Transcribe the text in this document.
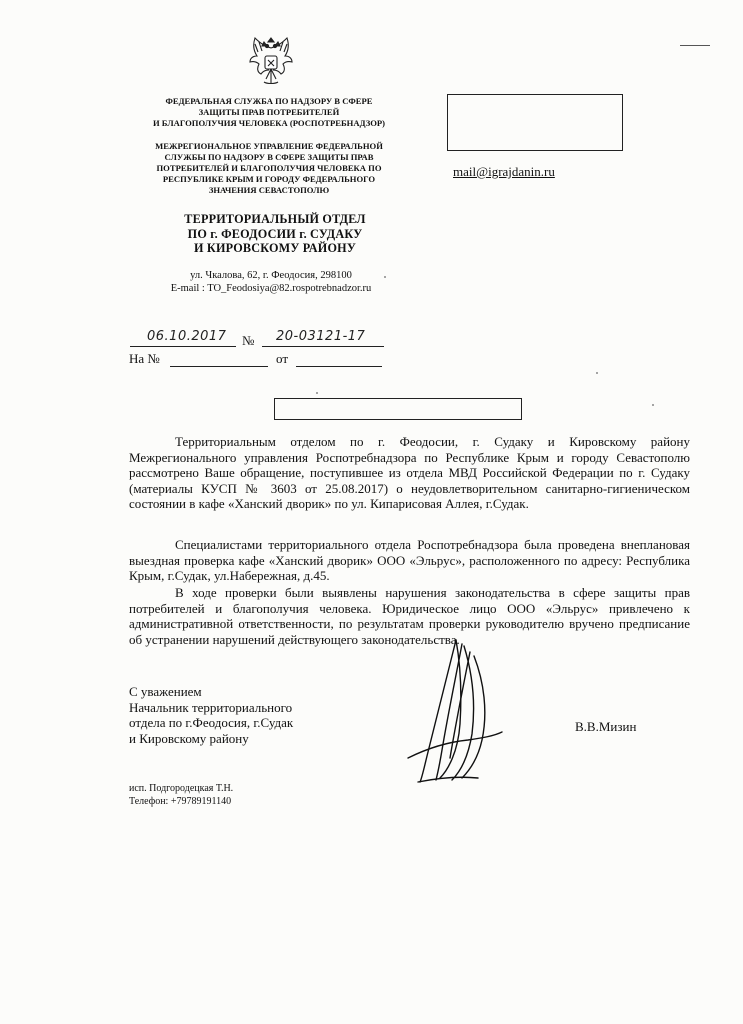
ФЕДЕРАЛЬНАЯ СЛУЖБА ПО НАДЗОРУ В СФЕРЕ
ЗАЩИТЫ ПРАВ ПОТРЕБИТЕЛЕЙ
И БЛАГОПОЛУЧИЯ ЧЕЛОВЕКА (РОСПОТРЕБНАДЗОР)
МЕЖРЕГИОНАЛЬНОЕ УПРАВЛЕНИЕ ФЕДЕРАЛЬНОЙ
СЛУЖБЫ ПО НАДЗОРУ В СФЕРЕ ЗАЩИТЫ ПРАВ
ПОТРЕБИТЕЛЕЙ И БЛАГОПОЛУЧИЯ ЧЕЛОВЕКА ПО
РЕСПУБЛИКЕ КРЫМ И ГОРОДУ ФЕДЕРАЛЬНОГО
ЗНАЧЕНИЯ СЕВАСТОПОЛЮ
ТЕРРИТОРИАЛЬНЫЙ ОТДЕЛ
ПО г. ФЕОДОСИИ г. СУДАКУ
И КИРОВСКОМУ РАЙОНУ
ул. Чкалова, 62, г. Феодосия, 298100
E-mail : TO_Feodosiya@82.rospotrebnadzor.ru
mail@igrajdanin.ru
06.10.2017 № 20-03121-17
На №	от
Территориальным отделом по г. Феодосии, г. Судаку и Кировскому району Межрегионального управления Роспотребнадзора по Республике Крым и городу Севастополю рассмотрено Ваше обращение, поступившее из отдела МВД Российской Федерации по г. Судаку (материалы КУСП № 3603 от 25.08.2017) о неудовлетворительном санитарно-гигиеническом состоянии в кафе «Ханский дворик» по ул. Кипарисовая Аллея, г.Судак.
Специалистами территориального отдела Роспотребнадзора была проведена внеплановая выездная проверка кафе «Ханский дворик» ООО «Эльрус», расположенного по адресу: Республика Крым, г.Судак, ул.Набережная, д.45.
В ходе проверки были выявлены нарушения законодательства в сфере защиты прав потребителей и благополучия человека. Юридическое лицо ООО «Эльрус» привлечено к административной ответственности, по результатам проверки руководителю вручено предписание об устранении нарушений действующего законодательства.
С уважением
Начальник территориального
отдела по г.Феодосия, г.Судак
и Кировскому району
В.В.Мизин
исп. Подгородецкая Т.Н.
Телефон: +79789191140
